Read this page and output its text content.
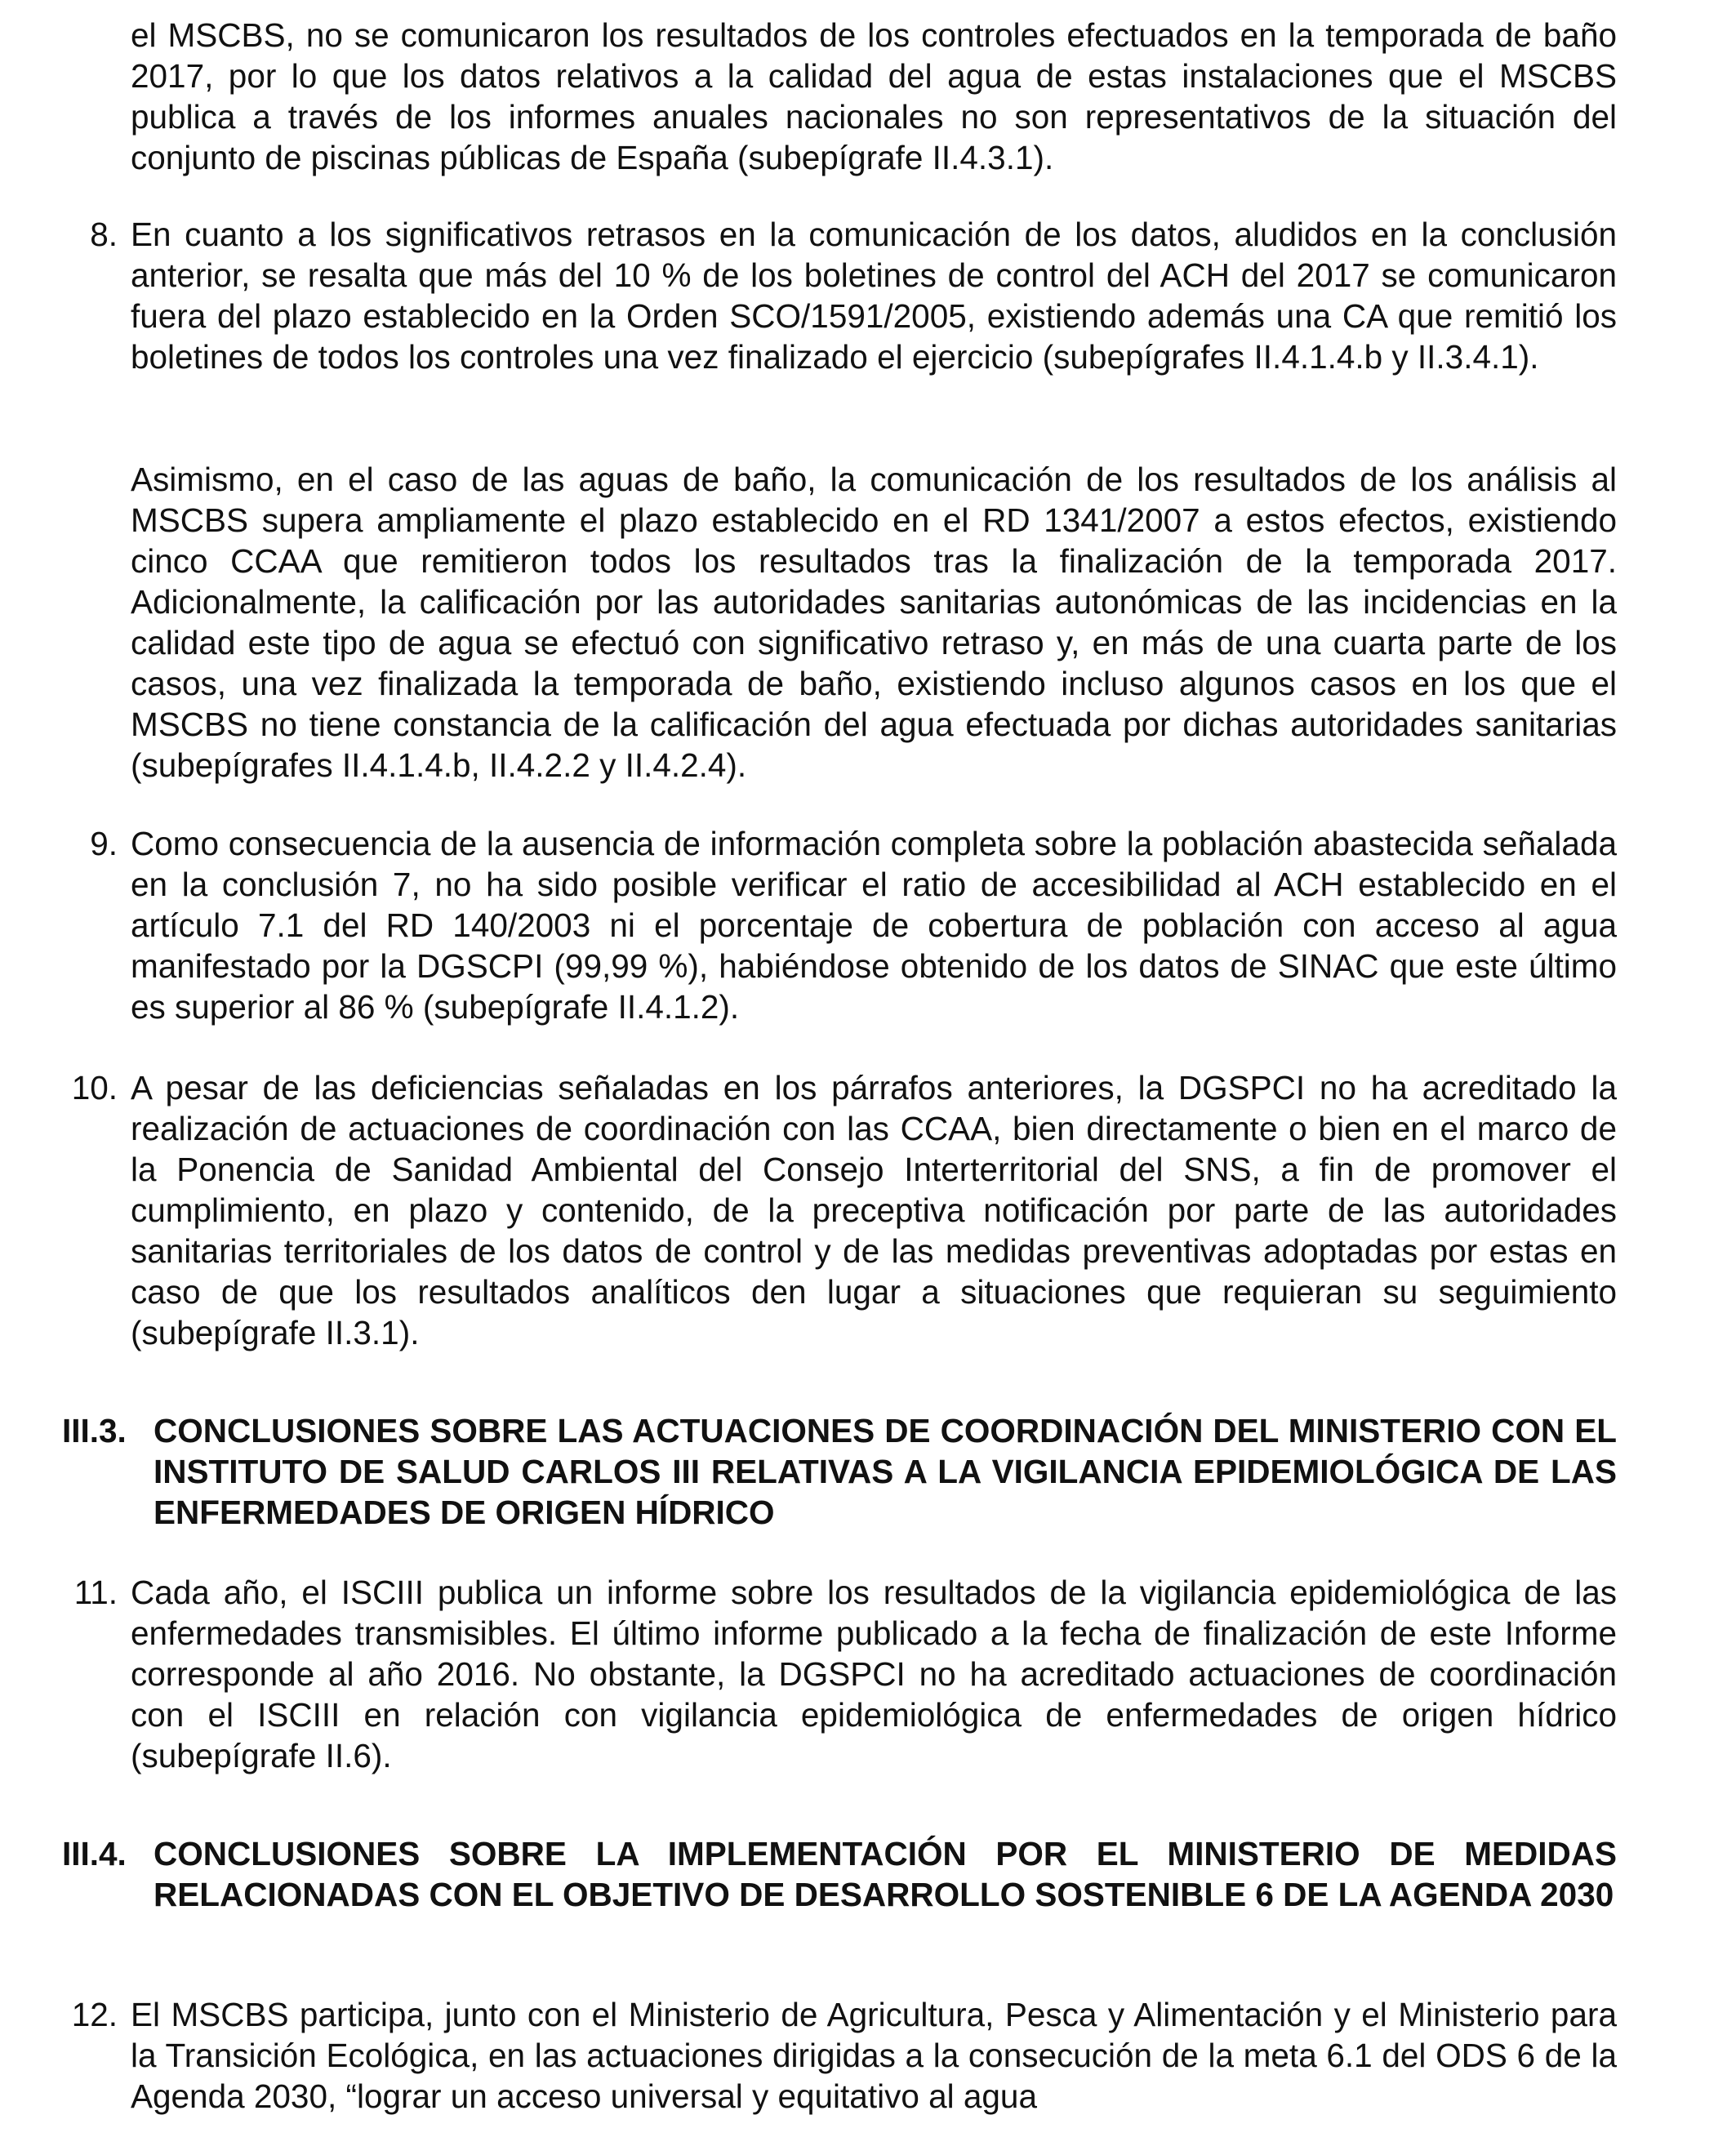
el MSCBS, no se comunicaron los resultados de los controles efectuados en la temporada de baño 2017, por lo que los datos relativos a la calidad del agua de estas instalaciones que el MSCBS publica a través de los informes anuales nacionales no son representativos de la situación del conjunto de piscinas públicas de España (subepígrafe II.4.3.1).

8. En cuanto a los significativos retrasos en la comunicación de los datos, aludidos en la conclusión anterior, se resalta que más del 10 % de los boletines de control del ACH del 2017 se comunicaron fuera del plazo establecido en la Orden SCO/1591/2005, existiendo además una CA que remitió los boletines de todos los controles una vez finalizado el ejercicio (subepígrafes II.4.1.4.b y II.3.4.1).

Asimismo, en el caso de las aguas de baño, la comunicación de los resultados de los análisis al MSCBS supera ampliamente el plazo establecido en el RD 1341/2007 a estos efectos, existiendo cinco CCAA que remitieron todos los resultados tras la finalización de la temporada 2017. Adicionalmente, la calificación por las autoridades sanitarias autonómicas de las incidencias en la calidad este tipo de agua se efectuó con significativo retraso y, en más de una cuarta parte de los casos, una vez finalizada la temporada de baño, existiendo incluso algunos casos en los que el MSCBS no tiene constancia de la calificación del agua efectuada por dichas autoridades sanitarias (subepígrafes II.4.1.4.b, II.4.2.2 y II.4.2.4).

9. Como consecuencia de la ausencia de información completa sobre la población abastecida señalada en la conclusión 7, no ha sido posible verificar el ratio de accesibilidad al ACH establecido en el artículo 7.1 del RD 140/2003 ni el porcentaje de cobertura de población con acceso al agua manifestado por la DGSCPI (99,99 %), habiéndose obtenido de los datos de SINAC que este último es superior al 86 % (subepígrafe II.4.1.2).

10. A pesar de las deficiencias señaladas en los párrafos anteriores, la DGSPCI no ha acreditado la realización de actuaciones de coordinación con las CCAA, bien directamente o bien en el marco de la Ponencia de Sanidad Ambiental del Consejo Interterritorial del SNS, a fin de promover el cumplimiento, en plazo y contenido, de la preceptiva notificación por parte de las autoridades sanitarias territoriales de los datos de control y de las medidas preventivas adoptadas por estas en caso de que los resultados analíticos den lugar a situaciones que requieran su seguimiento (subepígrafe II.3.1).

III.3. CONCLUSIONES SOBRE LAS ACTUACIONES DE COORDINACIÓN DEL MINISTERIO CON EL INSTITUTO DE SALUD CARLOS III RELATIVAS A LA VIGILANCIA EPIDEMIOLÓGICA DE LAS ENFERMEDADES DE ORIGEN HÍDRICO
11. Cada año, el ISCIII publica un informe sobre los resultados de la vigilancia epidemiológica de las enfermedades transmisibles. El último informe publicado a la fecha de finalización de este Informe corresponde al año 2016. No obstante, la DGSPCI no ha acreditado actuaciones de coordinación con el ISCIII en relación con vigilancia epidemiológica de enfermedades de origen hídrico (subepígrafe II.6).

III.4. CONCLUSIONES SOBRE LA IMPLEMENTACIÓN POR EL MINISTERIO DE MEDIDAS RELACIONADAS CON EL OBJETIVO DE DESARROLLO SOSTENIBLE 6 DE LA AGENDA 2030
12. El MSCBS participa, junto con el Ministerio de Agricultura, Pesca y Alimentación y el Ministerio para la Transición Ecológica, en las actuaciones dirigidas a la consecución de la meta 6.1 del ODS 6 de la Agenda 2030, “lograr un acceso universal y equitativo al agua
